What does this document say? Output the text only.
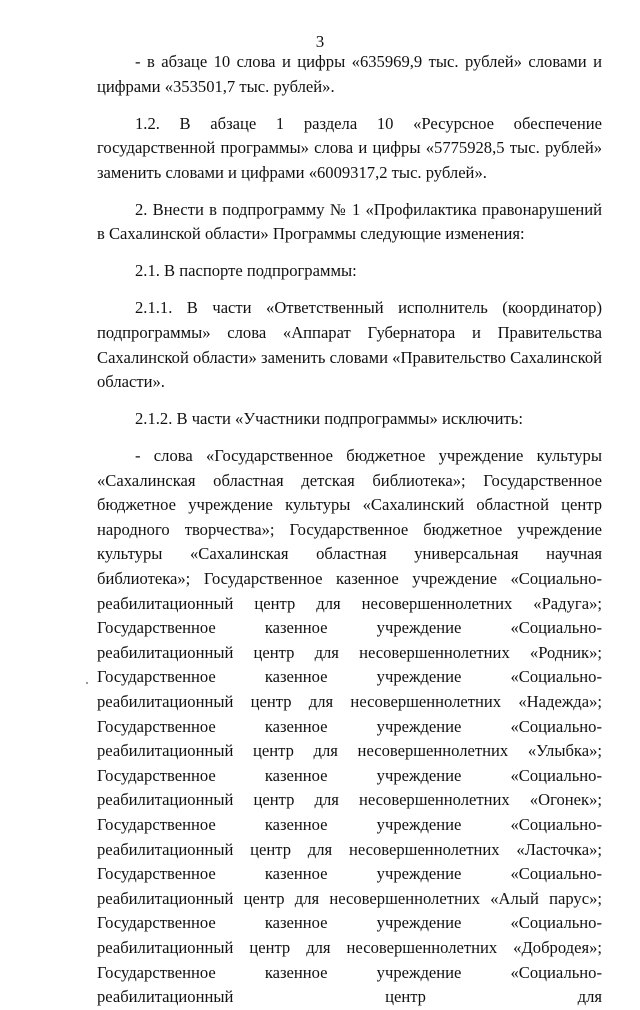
3

- в абзаце 10 слова и цифры «635969,9 тыс. рублей» словами и цифрами «353501,7 тыс. рублей».

1.2. В абзаце 1 раздела 10 «Ресурсное обеспечение государственной программы» слова и цифры «5775928,5 тыс. рублей» заменить словами и цифрами «6009317,2 тыс. рублей».

2. Внести в подпрограмму № 1 «Профилактика правонарушений в Сахалинской области» Программы следующие изменения:

2.1. В паспорте подпрограммы:

2.1.1. В части «Ответственный исполнитель (координатор) подпрограммы» слова «Аппарат Губернатора и Правительства Сахалинской области» заменить словами «Правительство Сахалинской области».

2.1.2. В части «Участники подпрограммы» исключить:

- слова «Государственное бюджетное учреждение культуры «Сахалинская областная детская библиотека»; Государственное бюджетное учреждение культуры «Сахалинский областной центр народного творчества»; Государственное бюджетное учреждение культуры «Сахалинская областная универсальная научная библиотека»; Государственное казенное учреждение «Социально-реабилитационный центр для несовершеннолетних «Радуга»; Государственное казенное учреждение «Социально-реабилитационный центр для несовершеннолетних «Родник»; Государственное казенное учреждение «Социально-реабилитационный центр для несовершеннолетних «Надежда»; Государственное казенное учреждение «Социально-реабилитационный центр для несовершеннолетних «Улыбка»; Государственное казенное учреждение «Социально-реабилитационный центр для несовершеннолетних «Огонек»; Государственное казенное учреждение «Социально-реабилитационный центр для несовершеннолетних «Ласточка»; Государственное казенное учреждение «Социально-реабилитационный центр для несовершеннолетних «Алый парус»; Государственное казенное учреждение «Социально-реабилитационный центр для несовершеннолетних «Добродея»; Государственное казенное учреждение «Социально-реабилитационный центр для
